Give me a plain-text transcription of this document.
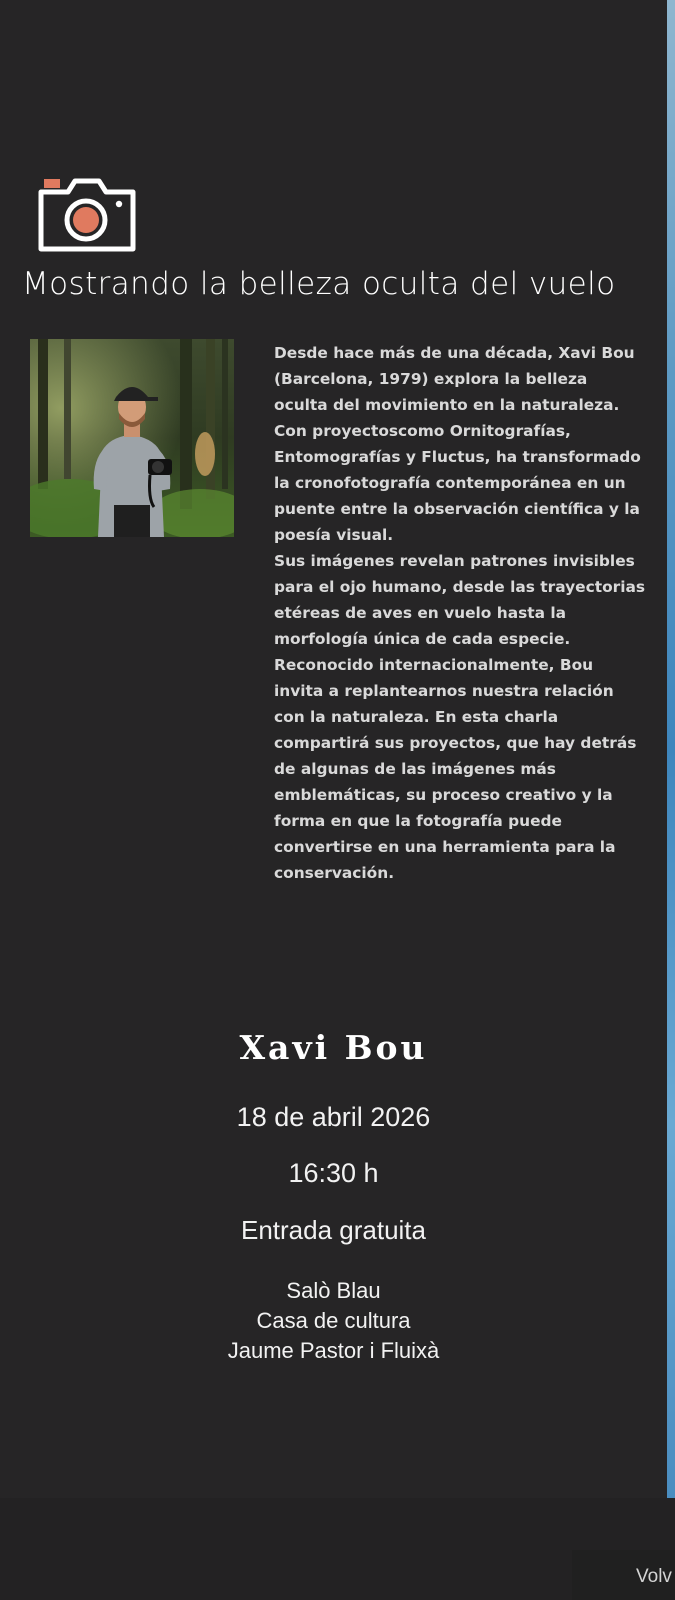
Mostrando la belleza oculta del vuelo

Desde hace más de una década, Xavi Bou (Barcelona, 1979) explora la belleza oculta del movimiento en la naturaleza. Con proyectoscomo Ornitografías, Entomografías y Fluctus, ha transformado la cronofotografía contemporánea en un puente entre la observación científica y la poesía visual.

Sus imágenes revelan patrones invisibles para el ojo humano, desde las trayectorias etéreas de aves en vuelo hasta la morfología única de cada especie.

Reconocido internacionalmente, Bou invita a replantearnos nuestra relación con la naturaleza. En esta charla compartirá sus proyectos, que hay detrás de algunas de las imágenes más emblemáticas, su proceso creativo y la forma en que la fotografía puede convertirse en una herramienta para la conservación.

Xavi Bou
18 de abril 2026
16:30 h
Entrada gratuita
Salò Blau
Casa de cultura
Jaume Pastor i Fluixà
Volv
